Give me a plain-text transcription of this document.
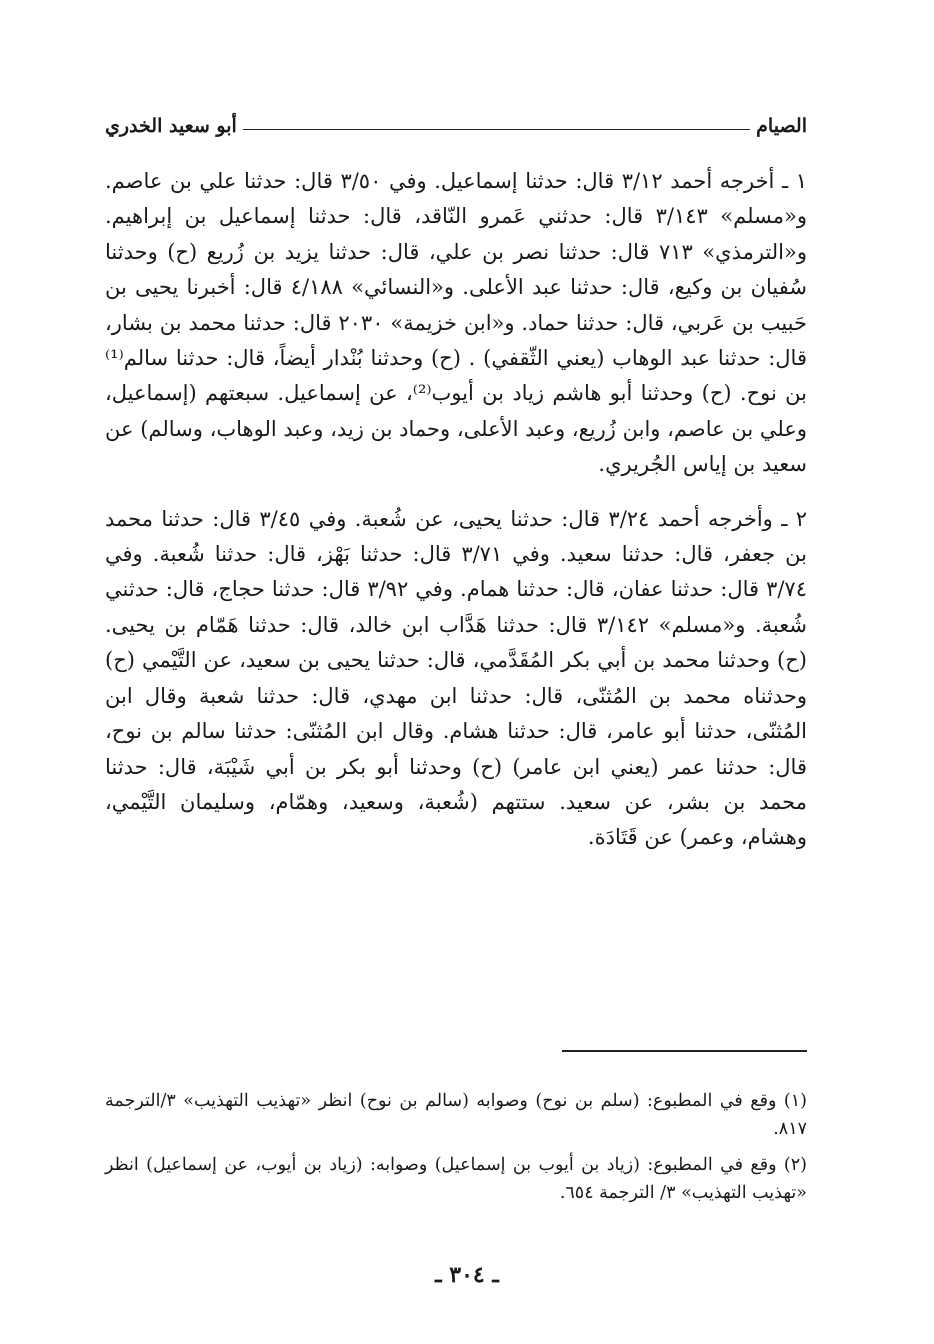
الصيام
أبو سعيد الخدري

١ ـ أخرجه أحمد ٣/١٢ قال: حدثنا إسماعيل. وفي ٣/٥٠ قال: حدثنا علي بن عاصم. و«مسلم» ٣/١٤٣ قال: حدثني عَمرو النّاقد، قال: حدثنا إسماعيل بن إبراهيم. و«الترمذي» ٧١٣ قال: حدثنا نصر بن علي، قال: حدثنا يزيد بن زُريع (ح) وحدثنا سُفيان بن وكيع، قال: حدثنا عبد الأعلى. و«النسائي» ٤/١٨٨ قال: أخبرنا يحيى بن حَبيب بن عَربي، قال: حدثنا حماد. و«ابن خزيمة» ٢٠٣٠ قال: حدثنا محمد بن بشار، قال: حدثنا عبد الوهاب (يعني الثّقفي) . (ح) وحدثنا بُنْدار أيضاً، قال: حدثنا سالم⁽¹⁾ بن نوح. (ح) وحدثنا أبو هاشم زياد بن أيوب⁽²⁾، عن إسماعيل. سبعتهم (إسماعيل، وعلي بن عاصم، وابن زُريع، وعبد الأعلى، وحماد بن زيد، وعبد الوهاب، وسالم) عن سعيد بن إياس الجُريري.

٢ ـ وأخرجه أحمد ٣/٢٤ قال: حدثنا يحيى، عن شُعبة. وفي ٣/٤٥ قال: حدثنا محمد بن جعفر، قال: حدثنا سعيد. وفي ٣/٧١ قال: حدثنا بَهْز، قال: حدثنا شُعبة. وفي ٣/٧٤ قال: حدثنا عفان، قال: حدثنا همام. وفي ٣/٩٢ قال: حدثنا حجاج، قال: حدثني شُعبة. و«مسلم» ٣/١٤٢ قال: حدثنا هَدَّاب ابن خالد، قال: حدثنا هَمّام بن يحيى. (ح) وحدثنا محمد بن أبي بكر المُقَدَّمي، قال: حدثنا يحيى بن سعيد، عن التَّيْمي (ح) وحدثناه محمد بن المُثنّى، قال: حدثنا ابن مهدي، قال: حدثنا شعبة وقال ابن المُثنّى، حدثنا أبو عامر، قال: حدثنا هشام. وقال ابن المُثنّى: حدثنا سالم بن نوح، قال: حدثنا عمر (يعني ابن عامر) (ح) وحدثنا أبو بكر بن أبي شَيْبَة، قال: حدثنا محمد بن بشر، عن سعيد. ستتهم (شُعبة، وسعيد، وهمّام، وسليمان التَّيْمي، وهشام، وعمر) عن قَتَادَة.

(١) وقع في المطبوع: (سلم بن نوح) وصوابه (سالم بن نوح) انظر «تهذيب التهذيب» ٣/الترجمة ٨١٧.

(٢) وقع في المطبوع: (زياد بن أيوب بن إسماعيل) وصوابه: (زياد بن أيوب، عن إسماعيل) انظر «تهذيب التهذيب» ٣/ الترجمة ٦٥٤.

ـ ٣٠٤ ـ
